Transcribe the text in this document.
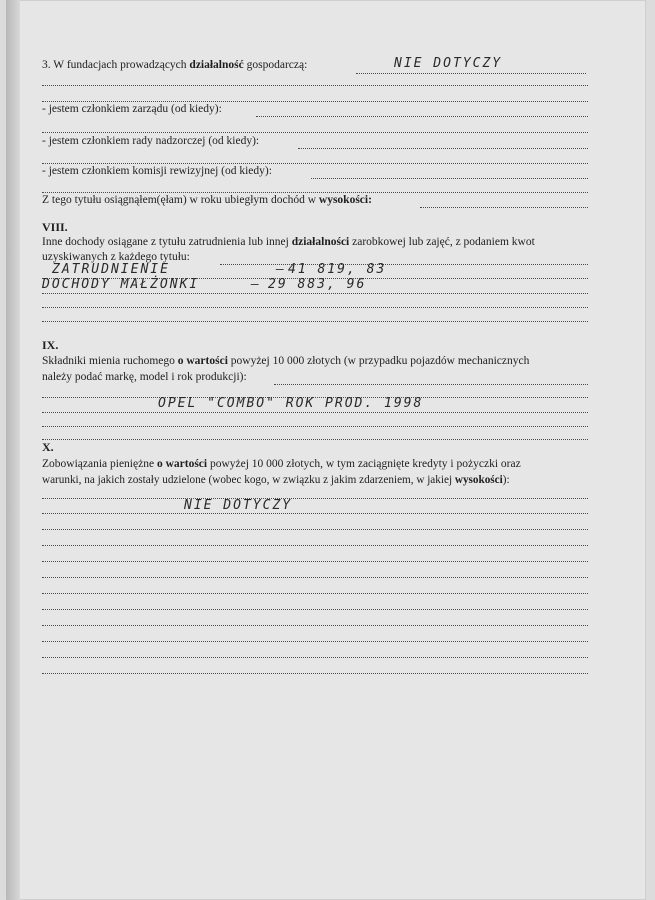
3. W fundacjach prowadzących działalność gospodarczą:	NIE DOTYCZY
- jestem członkiem zarządu (od kiedy):
- jestem członkiem rady nadzorczej (od kiedy):
- jestem członkiem komisji rewizyjnej (od kiedy):
Z tego tytułu osiągnąłem(ęłam) w roku ubiegłym dochód w wysokości:
VIII.
Inne dochody osiągane z tytułu zatrudnienia lub innej działalności zarobkowej lub zajęć, z podaniem kwot
uzyskiwanych z każdego tytułu:
ZATRUDNIENIE	– 41 819, 83
DOCHODY MAŁŻONKI	– 29 883, 96
IX.
Składniki mienia ruchomego o wartości powyżej 10 000 złotych (w przypadku pojazdów mechanicznych
należy podać markę, model i rok produkcji):
OPEL "COMBO" ROK PROD. 1998
X.
Zobowiązania pieniężne o wartości powyżej 10 000 złotych, w tym zaciągnięte kredyty i pożyczki oraz
warunki, na jakich zostały udzielone (wobec kogo, w związku z jakim zdarzeniem, w jakiej wysokości):
NIE DOTYCZY
